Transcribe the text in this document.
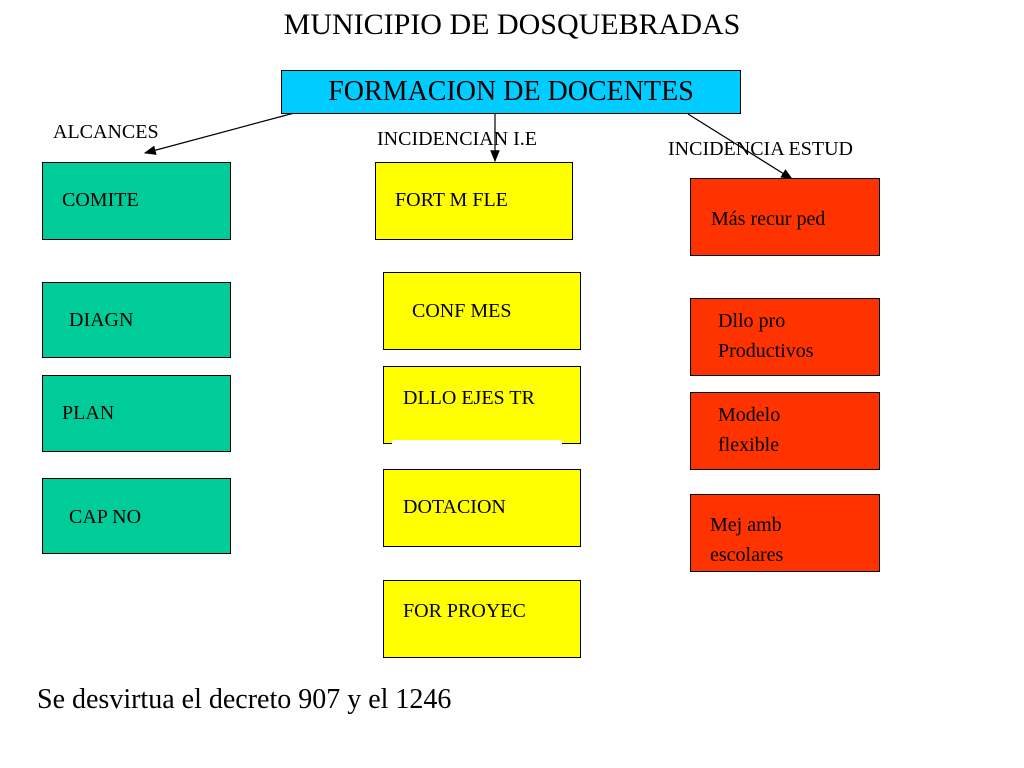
MUNICIPIO DE DOSQUEBRADAS
FORMACION DE DOCENTES
ALCANCES	INCIDENCIAN I.E	INCIDENCIA ESTUD
COMITE
DIAGN
PLAN
CAP NO
FORT M FLE
CONF MES
DLLO EJES TR
DOTACION
FOR PROYEC
Más recur ped
Dllo pro Productivos
Modelo flexible
Mej amb escolares
Se desvirtua el decreto 907 y el 1246
